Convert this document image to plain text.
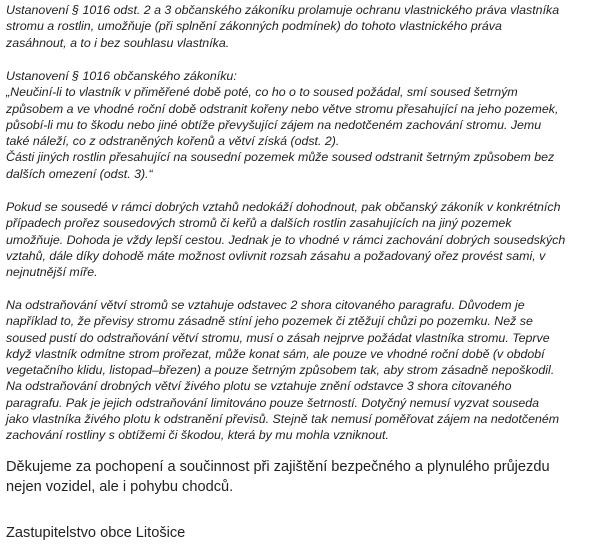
Ustanovení § 1016 odst. 2 a 3 občanského zákoníku prolamuje ochranu vlastnického práva vlastníka
stromu a rostlin, umožňuje (při splnění zákonných podmínek) do tohoto vlastnického práva
zasáhnout, a to i bez souhlasu vlastníka.
Ustanovení § 1016 občanského zákoníku:
„Neučiní-li to vlastník v přiměřené době poté, co ho o to soused požádal, smí soused šetrným
způsobem a ve vhodné roční době odstranit kořeny nebo větve stromu přesahující na jeho pozemek,
působí-li mu to škodu nebo jiné obtíže převyšující zájem na nedotčeném zachování stromu. Jemu
také náleží, co z odstraněných kořenů a větví získá (odst. 2).
Části jiných rostlin přesahující na sousední pozemek může soused odstranit šetrným způsobem bez
dalších omezení (odst. 3).“
Pokud se sousedé v rámci dobrých vztahů nedokáží dohodnout, pak občanský zákoník v konkrétních
případech prořez sousedových stromů či keřů a dalších rostlin zasahujících na jiný pozemek
umožňuje. Dohoda je vždy lepší cestou. Jednak je to vhodné v rámci zachování dobrých sousedských
vztahů, dále díky dohodě máte možnost ovlivnit rozsah zásahu a požadovaný ořez provést sami, v
nejnutnější míře.
Na odstraňování větví stromů se vztahuje odstavec 2 shora citovaného paragrafu. Důvodem je
například to, že převisy stromu zásadně stíní jeho pozemek či ztěžují chůzi po pozemku. Než se
soused pustí do odstraňování větví stromu, musí o zásah nejprve požádat vlastníka stromu. Teprve
když vlastník odmítne strom prořezat, může konat sám, ale pouze ve vhodné roční době (v období
vegetačního klidu, listopad–březen) a pouze šetrným způsobem tak, aby strom zásadně nepoškodil.
Na odstraňování drobných větví živého plotu se vztahuje znění odstavce 3 shora citovaného
paragrafu. Pak je jejich odstraňování limitováno pouze šetrností. Dotyčný nemusí vyzvat souseda
jako vlastníka živého plotu k odstranění převisů. Stejně tak nemusí poměřovat zájem na nedotčeném
zachování rostliny s obtížemi či škodou, která by mu mohla vzniknout.
Děkujeme za pochopení a součinnost při zajištění bezpečného a plynulého průjezdu
nejen vozidel, ale i pohybu chodců.
Zastupitelstvo obce Litošice
